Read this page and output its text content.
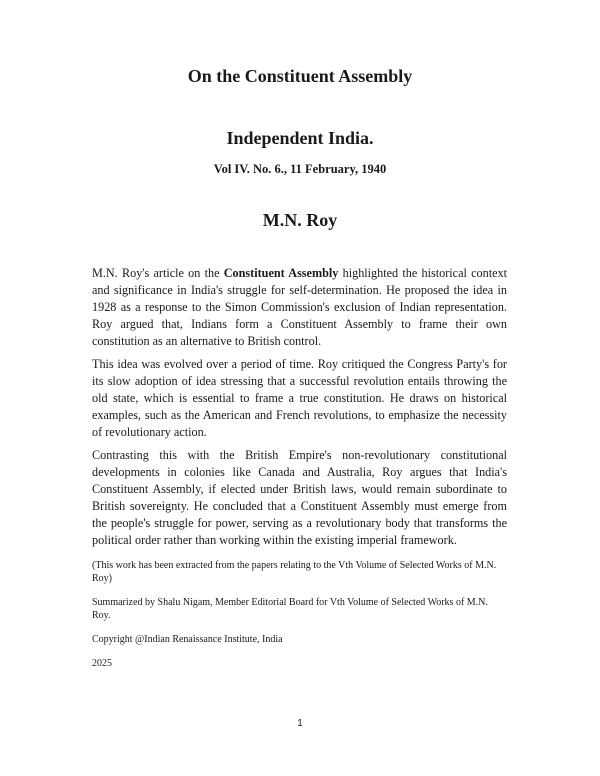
On the Constituent Assembly
Independent India.
Vol IV. No. 6., 11 February, 1940
M.N. Roy

M.N. Roy's article on the Constituent Assembly highlighted the historical context and significance in India's struggle for self-determination. He proposed the idea in 1928 as a response to the Simon Commission's exclusion of Indian representation. Roy argued that, Indians form a Constituent Assembly to frame their own constitution as an alternative to British control.

This idea was evolved over a period of time. Roy critiqued the Congress Party's for its slow adoption of idea stressing that a successful revolution entails throwing the old state, which is essential to frame a true constitution. He draws on historical examples, such as the American and French revolutions, to emphasize the necessity of revolutionary action.

Contrasting this with the British Empire's non-revolutionary constitutional developments in colonies like Canada and Australia, Roy argues that India's Constituent Assembly, if elected under British laws, would remain subordinate to British sovereignty. He concluded that a Constituent Assembly must emerge from the people's struggle for power, serving as a revolutionary body that transforms the political order rather than working within the existing imperial framework.

(This work has been extracted from the papers relating to the Vth Volume of Selected Works of M.N. Roy)

Summarized by Shalu Nigam, Member Editorial Board for Vth Volume of Selected Works of M.N. Roy.

Copyright @Indian Renaissance Institute, India

2025

1
